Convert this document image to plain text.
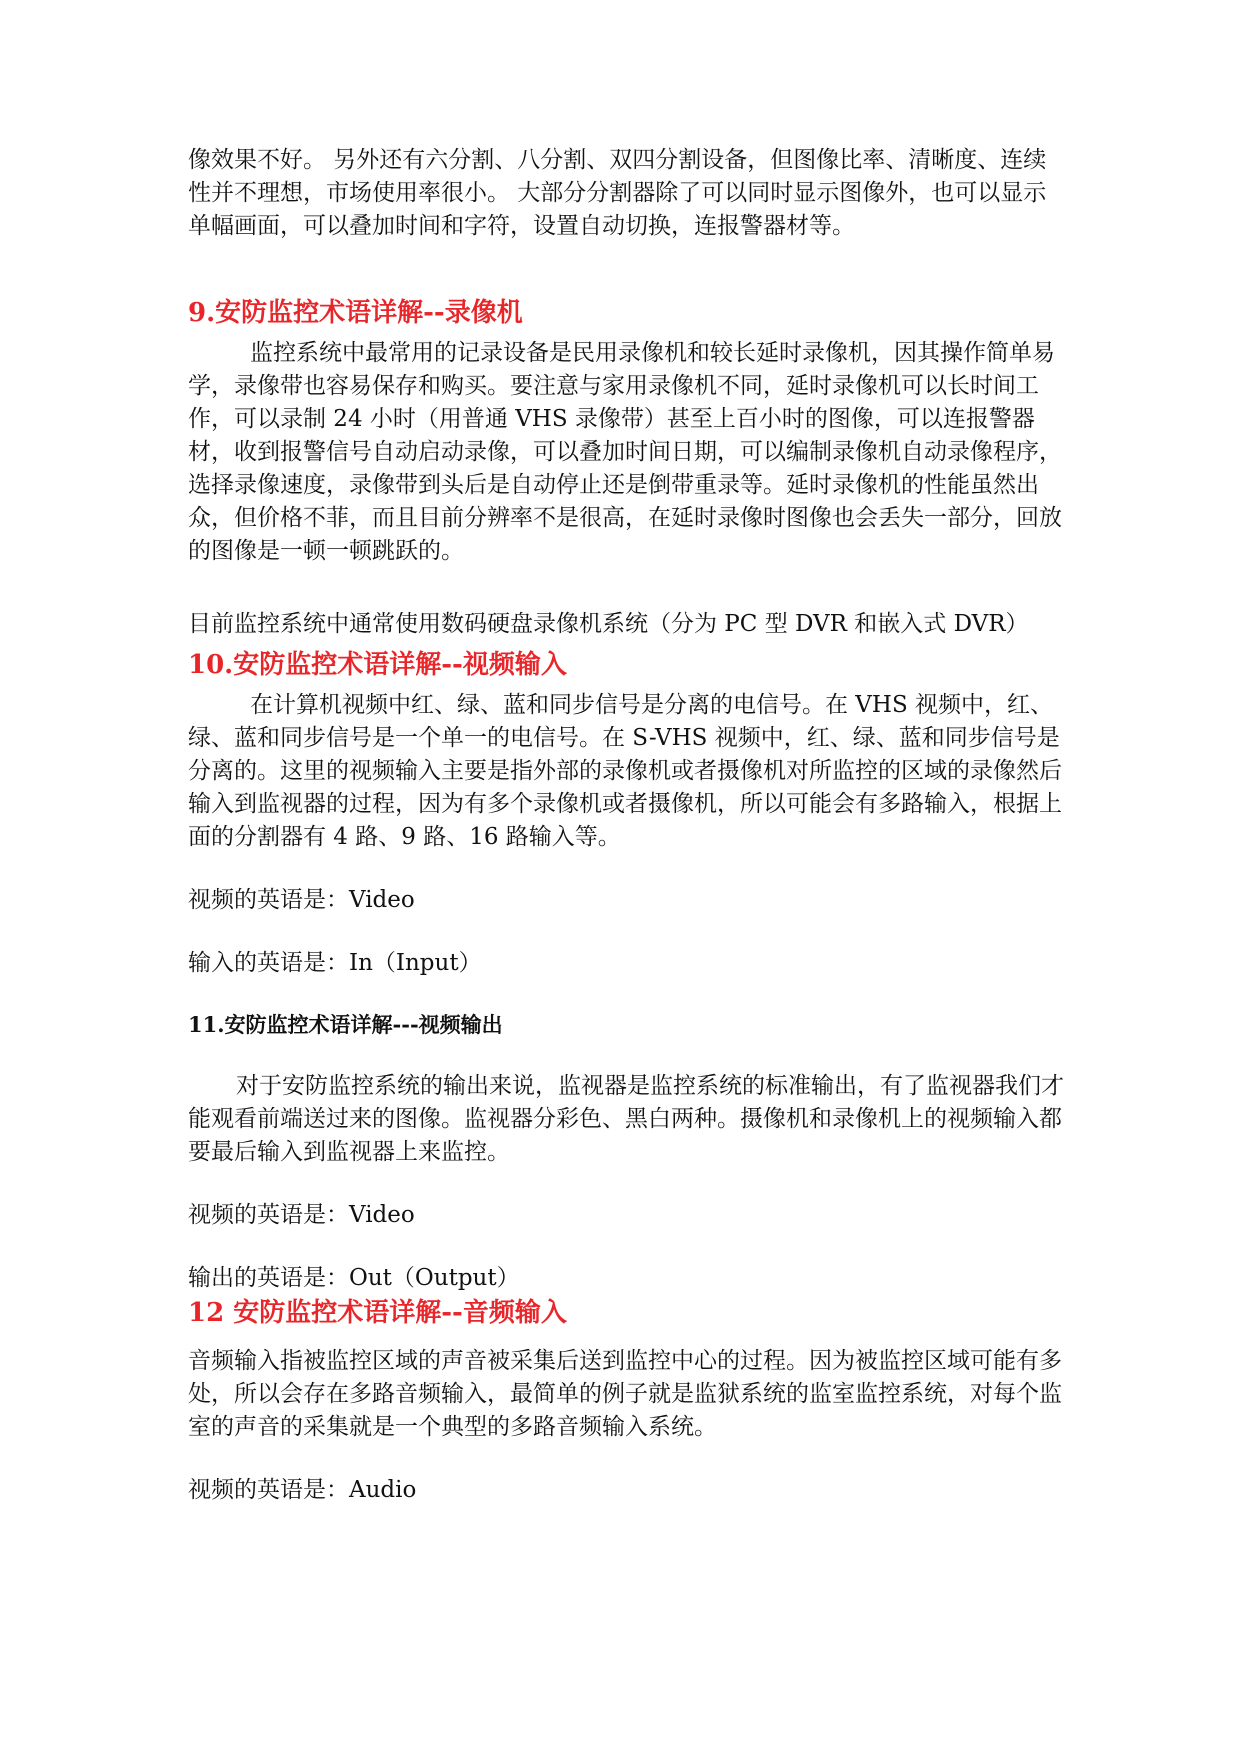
像效果不好。 另外还有六分割、八分割、双四分割设备，但图像比率、清晰度、连续性并不理想，市场使用率很小。 大部分分割器除了可以同时显示图像外，也可以显示单幅画面，可以叠加时间和字符，设置自动切换，连报警器材等。

9.安防监控术语详解--录像机

监控系统中最常用的记录设备是民用录像机和较长延时录像机，因其操作简单易学，录像带也容易保存和购买。要注意与家用录像机不同，延时录像机可以长时间工作，可以录制 24 小时（用普通 VHS 录像带）甚至上百小时的图像，可以连报警器材，收到报警信号自动启动录像，可以叠加时间日期，可以编制录像机自动录像程序，选择录像速度，录像带到头后是自动停止还是倒带重录等。延时录像机的性能虽然出众，但价格不菲，而且目前分辨率不是很高，在延时录像时图像也会丢失一部分，回放的图像是一顿一顿跳跃的。

目前监控系统中通常使用数码硬盘录像机系统（分为 PC 型 DVR 和嵌入式 DVR）

10.安防监控术语详解--视频输入

在计算机视频中红、绿、蓝和同步信号是分离的电信号。在 VHS 视频中，红、绿、蓝和同步信号是一个单一的电信号。在 S-VHS 视频中，红、绿、蓝和同步信号是分离的。这里的视频输入主要是指外部的录像机或者摄像机对所监控的区域的录像然后输入到监视器的过程，因为有多个录像机或者摄像机，所以可能会有多路输入，根据上面的分割器有 4 路、9 路、16 路输入等。

视频的英语是：Video

输入的英语是：In（Input）

11.安防监控术语详解---视频输出

对于安防监控系统的输出来说，监视器是监控系统的标准输出，有了监视器我们才能观看前端送过来的图像。监视器分彩色、黑白两种。摄像机和录像机上的视频输入都要最后输入到监视器上来监控。

视频的英语是：Video

输出的英语是：Out（Output）

12 安防监控术语详解--音频输入

音频输入指被监控区域的声音被采集后送到监控中心的过程。因为被监控区域可能有多处，所以会存在多路音频输入，最简单的例子就是监狱系统的监室监控系统，对每个监室的声音的采集就是一个典型的多路音频输入系统。

视频的英语是：Audio
